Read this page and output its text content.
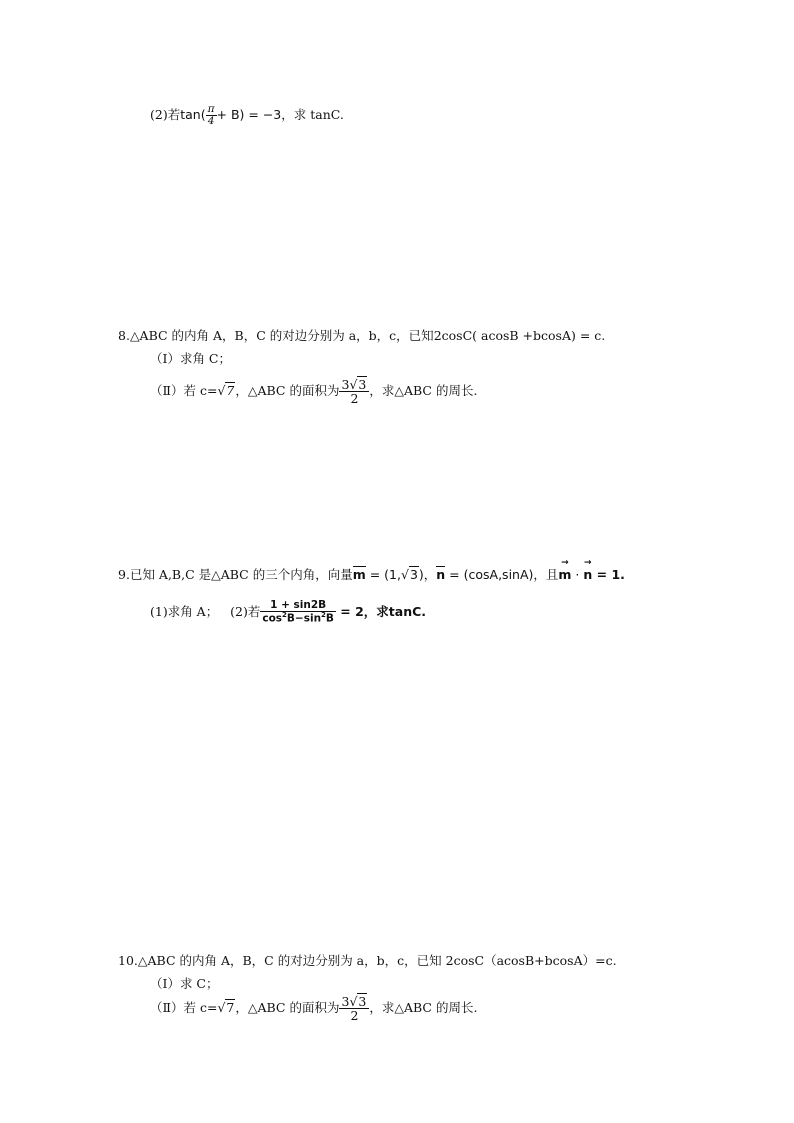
(2)若$\tan( \frac{\pi}{4} + B) = -3$，求 tanC.
8.△ABC 的内角 A，B，C 的对边分别为 a，b，c，已知2cosC( acosB +bcosA) = c.
（Ⅰ）求角 C；
（Ⅱ）若 c=√7，△ABC 的面积为 $\frac{3√3}{2}$ ，求△ABC 的周长.
9.已知 A,B,C 是△ABC 的三个内角，向量m = (1,√3)，n = (cosA,sinA)，且
→
m ·
→
n = 1.
(1)求角 A； (2)若 $\frac{1 + \sin 2B}{\cos^2B-\sin^2B} = 2$，求tanC.
10.△ABC 的内角 A，B，C 的对边分别为 a，b，c，已知 2cosC（acosB+bcosA）=c.
（Ⅰ）求 C；
（Ⅱ）若 c=√7，△ABC 的面积为 $\frac{3√3}{2}$ ，求△ABC 的周长.
